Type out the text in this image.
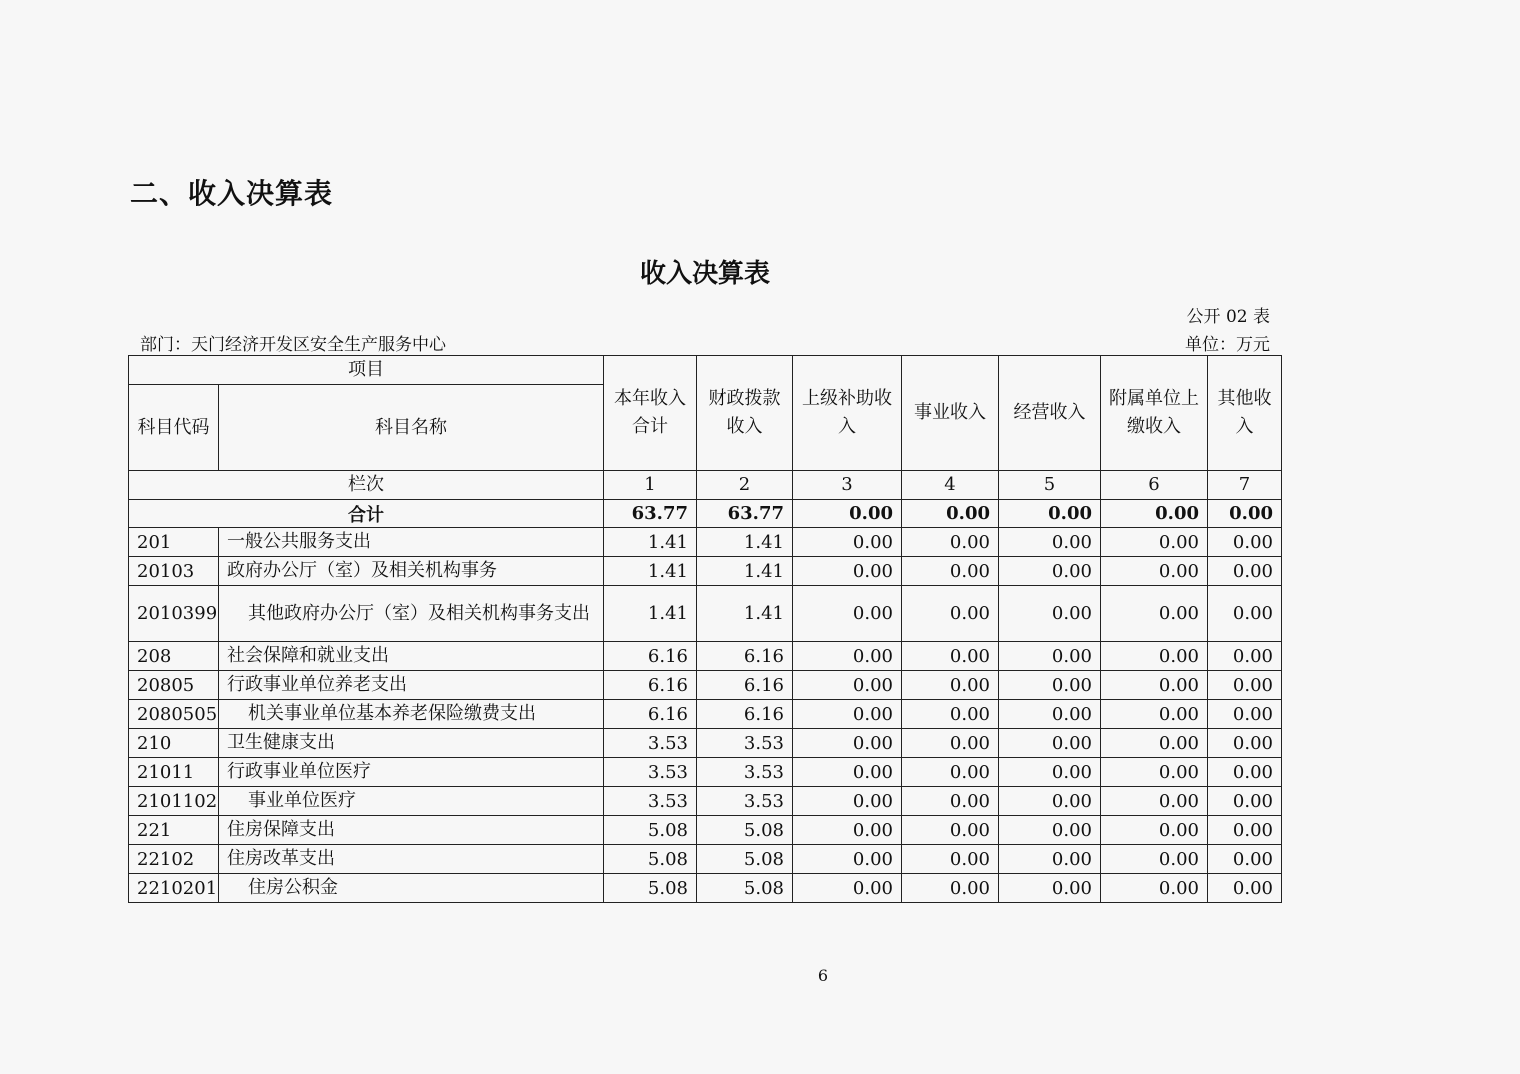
二、收入决算表
收入决算表
公开 02 表
部门：天门经济开发区安全生产服务中心	单位：万元
项目		本年收入合计	财政拨款收入	上级补助收入	事业收入	经营收入	附属单位上缴收入	其他收入
科目代码	科目名称							
栏次		1	2	3	4	5	6	7
合计		63.77	63.77	0.00	0.00	0.00	0.00	0.00
201	一般公共服务支出	1.41	1.41	0.00	0.00	0.00	0.00	0.00
20103	政府办公厅（室）及相关机构事务	1.41	1.41	0.00	0.00	0.00	0.00	0.00
2010399	其他政府办公厅（室）及相关机构事务支出	1.41	1.41	0.00	0.00	0.00	0.00	0.00
208	社会保障和就业支出	6.16	6.16	0.00	0.00	0.00	0.00	0.00
20805	行政事业单位养老支出	6.16	6.16	0.00	0.00	0.00	0.00	0.00
2080505	机关事业单位基本养老保险缴费支出	6.16	6.16	0.00	0.00	0.00	0.00	0.00
210	卫生健康支出	3.53	3.53	0.00	0.00	0.00	0.00	0.00
21011	行政事业单位医疗	3.53	3.53	0.00	0.00	0.00	0.00	0.00
2101102	事业单位医疗	3.53	3.53	0.00	0.00	0.00	0.00	0.00
221	住房保障支出	5.08	5.08	0.00	0.00	0.00	0.00	0.00
22102	住房改革支出	5.08	5.08	0.00	0.00	0.00	0.00	0.00
2210201	住房公积金	5.08	5.08	0.00	0.00	0.00	0.00	0.00
6
